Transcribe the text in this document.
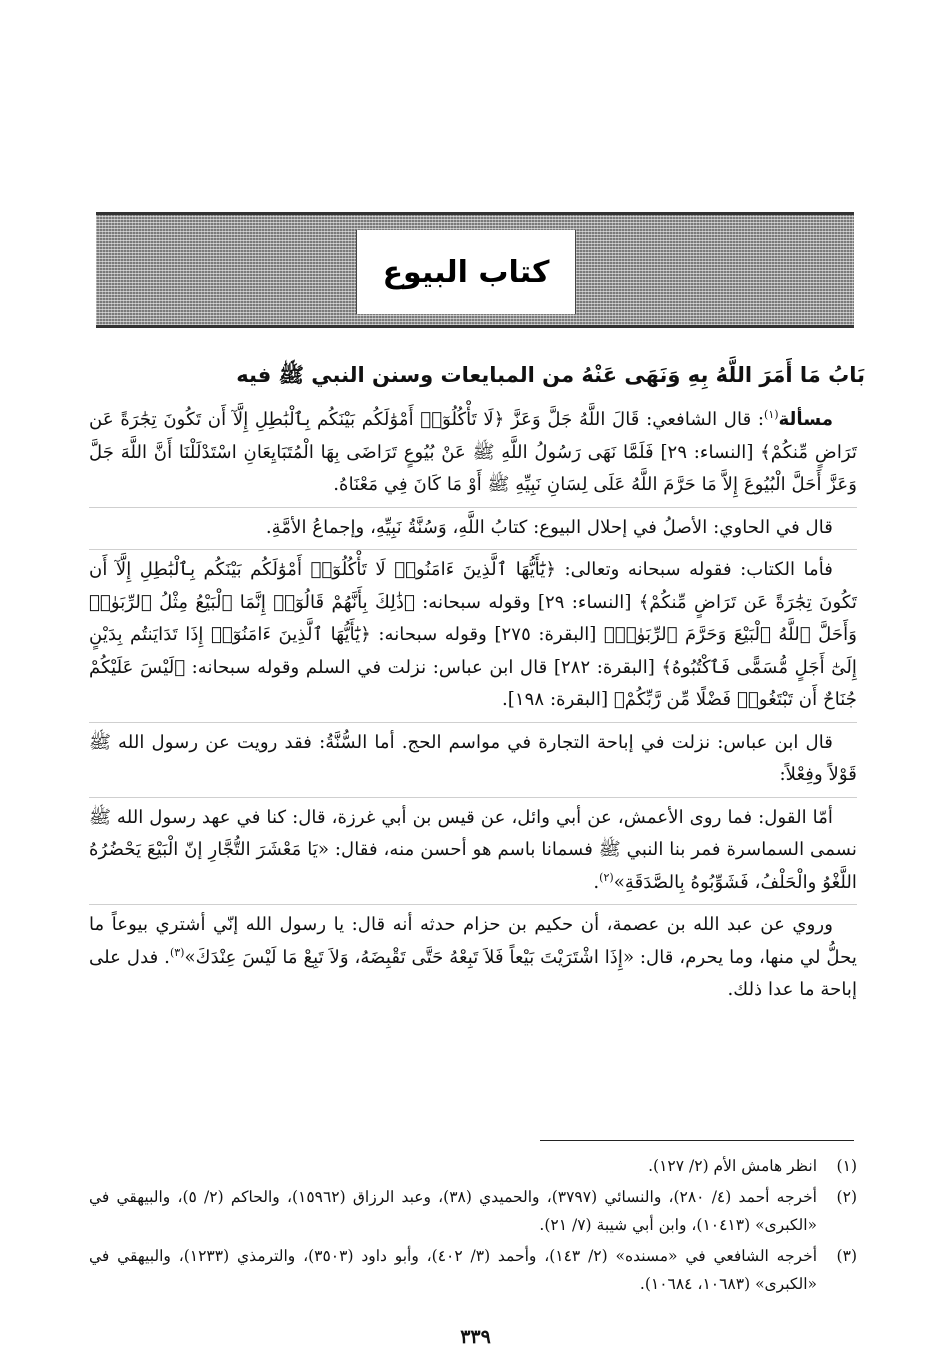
كتاب البيوع
بَابُ مَا أَمَرَ اللَّهُ بِهِ وَنَهَى عَنْهُ من المبايعات وسنن النبي ﷺ فيه

مسألة$^{(١)}$: قال الشافعي: قَالَ اللَّهُ جَلَّ وَعَزَّ ﴿لَا تَأْكُلُوٓا۟ أَمْوَٰلَكُم بَيْنَكُم بِٱلْبَٰطِلِ إِلَّآ أَن تَكُونَ تِجَٰرَةً عَن تَرَاضٍ مِّنكُمْ﴾ [النساء: ٢٩] فَلَمَّا نَهَى رَسُولُ اللَّهِ ﷺ عَنْ بُيُوعٍ تَرَاضَى بِهَا الْمُتَبَايِعَانِ اسْتَدْلَلْنَا أَنَّ اللَّهَ جَلَّ وَعَزَّ أَحَلَّ الْبُيُوعَ إِلاَّ مَا حَرَّمَ اللَّهُ عَلَى لِسَانِ نَبِيِّهِ ﷺ أَوْ مَا كَانَ فِي مَعْنَاهُ.

قال في الحاوي: الأصلُ في إحلال البيوع: كتابُ اللَّهِ، وَسُنَّةُ نَبِيِّهِ، وإجماعُ الأمَّةِ.

فأما الكتاب: فقوله سبحانه وتعالى: ﴿يَٰٓأَيُّهَا ٱلَّذِينَ ءَامَنُوا۟ لَا تَأْكُلُوٓا۟ أَمْوَٰلَكُم بَيْنَكُم بِٱلْبَٰطِلِ إِلَّآ أَن تَكُونَ تِجَٰرَةً عَن تَرَاضٍ مِّنكُمْ﴾ [النساء: ٢٩] وقوله سبحانه: ﴿ذَٰلِكَ بِأَنَّهُمْ قَالُوٓا۟ إِنَّمَا ٱلْبَيْعُ مِثْلُ ٱلرِّبَوٰا۟ وَأَحَلَّ ٱللَّهُ ٱلْبَيْعَ وَحَرَّمَ ٱلرِّبَوٰا۟﴾ [البقرة: ٢٧٥] وقوله سبحانه: ﴿يَٰٓأَيُّهَا ٱلَّذِينَ ءَامَنُوٓا۟ إِذَا تَدَايَنتُم بِدَيْنٍ إِلَىٰٓ أَجَلٍ مُّسَمًّى فَٱكْتُبُوهُ﴾ [البقرة: ٢٨٢] قال ابن عباس: نزلت في السلم وقوله سبحانه: ﴿لَيْسَ عَلَيْكُمْ جُنَاحٌ أَن تَبْتَغُوا۟ فَضْلًا مِّن رَّبِّكُمْ﴾ [البقرة: ١٩٨].

قال ابن عباس: نزلت في إباحة التجارة في مواسم الحج. أما السُّنَّةُ: فقد رويت عن رسول الله ﷺ قَوْلاً وفِعْلاً:

أمّا القول: فما روى الأعمش، عن أبي وائل، عن قيس بن أبي غرزة، قال: كنا في عهد رسول الله ﷺ نسمى السماسرة فمر بنا النبي ﷺ فسمانا باسم هو أحسن منه، فقال: «يَا مَعْشَرَ التُّجَّارِ إنّ الْبَيْعَ يَحْضُرُهُ اللَّغْوُ والْحَلْفُ، فَشَوِّبُوهُ بِالصَّدَقَةِ»$^{(٢)}$.

وروي عن عبد الله بن عصمة، أن حكيم بن حزام حدثه أنه قال: يا رسول الله إنّي أشتري بيوعاً ما يحلُّ لي منها، وما يحرم، قال: «إِذَا اشْتَرَيْتَ بَيْعاً فَلاَ تَبِعْهُ حَتَّى تَقْبِضَهُ، وَلاَ تَبِعْ مَا لَيْسَ عِنْدَكَ»$^{(٣)}$. فدل على إباحة ما عدا ذلك.

(١)
انظر هامش الأم (٢/ ١٢٧).
(٢)
أخرجه أحمد (٤/ ٢٨٠)، والنسائي (٣٧٩٧)، والحميدي (٣٨)، وعبد الرزاق (١٥٩٦٢)، والحاكم (٢/ ٥)، والبيهقي في «الكبرى» (١٠٤١٣)، وابن أبي شيبة (٧/ ٢١).
(٣)
أخرجه الشافعي في «مسنده» (٢/ ١٤٣)، وأحمد (٣/ ٤٠٢)، وأبو داود (٣٥٠٣)، والترمذي (١٢٣٣)، والبيهقي في «الكبرى» (١٠٦٨٣، ١٠٦٨٤).
٣٣٩
